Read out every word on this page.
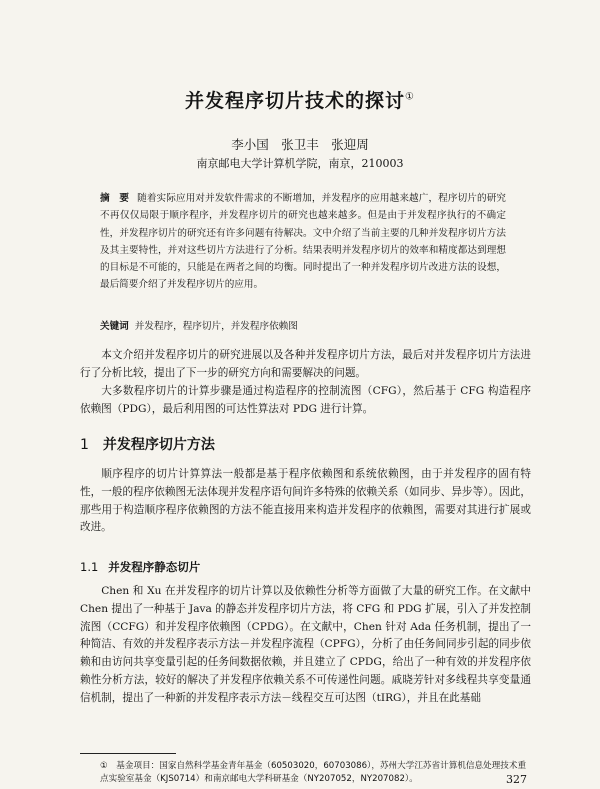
并发程序切片技术的探讨①
李小国　张卫丰　张迎周
南京邮电大学计算机学院，南京，210003
摘　要 随着实际应用对并发软件需求的不断增加，并发程序的应用越来越广，程序切片的研究不再仅仅局限于顺序程序，并发程序切片的研究也越来越多。但是由于并发程序执行的不确定性，并发程序切片的研究还有许多问题有待解决。文中介绍了当前主要的几种并发程序切片方法及其主要特性，并对这些切片方法进行了分析。结果表明并发程序切片的效率和精度都达到理想的目标是不可能的，只能是在两者之间的均衡。同时提出了一种并发程序切片改进方法的设想，最后简要介绍了并发程序切片的应用。
关键词 并发程序，程序切片，并发程序依赖图

本文介绍并发程序切片的研究进展以及各种并发程序切片方法，最后对并发程序切片方法进行了分析比较，提出了下一步的研究方向和需要解决的问题。

大多数程序切片的计算步骤是通过构造程序的控制流图（CFG），然后基于 CFG 构造程序依赖图（PDG），最后利用图的可达性算法对 PDG 进行计算。

1 并发程序切片方法

顺序程序的切片计算算法一般都是基于程序依赖图和系统依赖图，由于并发程序的固有特性，一般的程序依赖图无法体现并发程序语句间许多特殊的依赖关系（如同步、异步等）。因此，那些用于构造顺序程序依赖图的方法不能直接用来构造并发程序的依赖图，需要对其进行扩展或改进。

1.1 并发程序静态切片

Chen 和 Xu 在并发程序的切片计算以及依赖性分析等方面做了大量的研究工作。在文献中 Chen 提出了一种基于 Java 的静态并发程序切片方法，将 CFG 和 PDG 扩展，引入了并发控制流图（CCFG）和并发程序依赖图（CPDG）。在文献中，Chen 针对 Ada 任务机制，提出了一种简洁、有效的并发程序表示方法－并发程序流程（CPFG），分析了由任务间同步引起的同步依赖和由访问共享变量引起的任务间数据依赖，并且建立了 CPDG，给出了一种有效的并发程序依赖性分析方法，较好的解决了并发程序依赖关系不可传递性问题。戚晓芳针对多线程共享变量通信机制，提出了一种新的并发程序表示方法－线程交互可达图（tIRG），并且在此基础

①　基金项目：国家自然科学基金青年基金（60503020，60703086），苏州大学江苏省计算机信息处理技术重点实验室基金（KJS0714）和南京邮电大学科研基金（NY207052，NY207082）。	327
